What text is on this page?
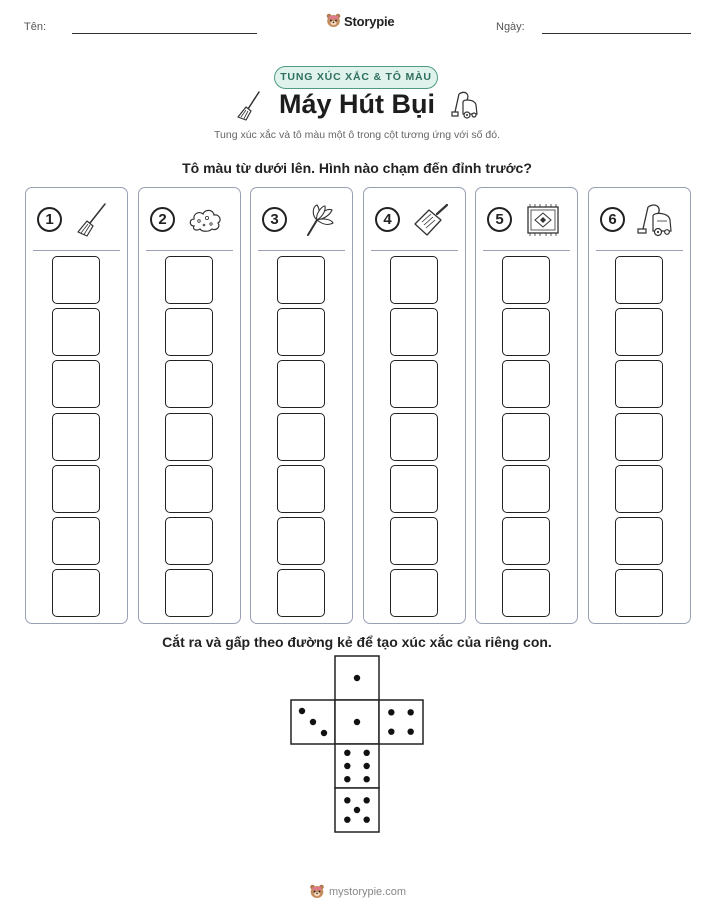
Tên:	Storypie	Ngày:
TUNG XÚC XẮC & TÔ MÀU
Máy Hút Bụi
Tung xúc xắc và tô màu một ô trong cột tương ứng với số đó.
Tô màu từ dưới lên. Hình nào chạm đến đỉnh trước?
1	2	3	4	5	6
Cắt ra và gấp theo đường kẻ để tạo xúc xắc của riêng con.
mystorypie.com
